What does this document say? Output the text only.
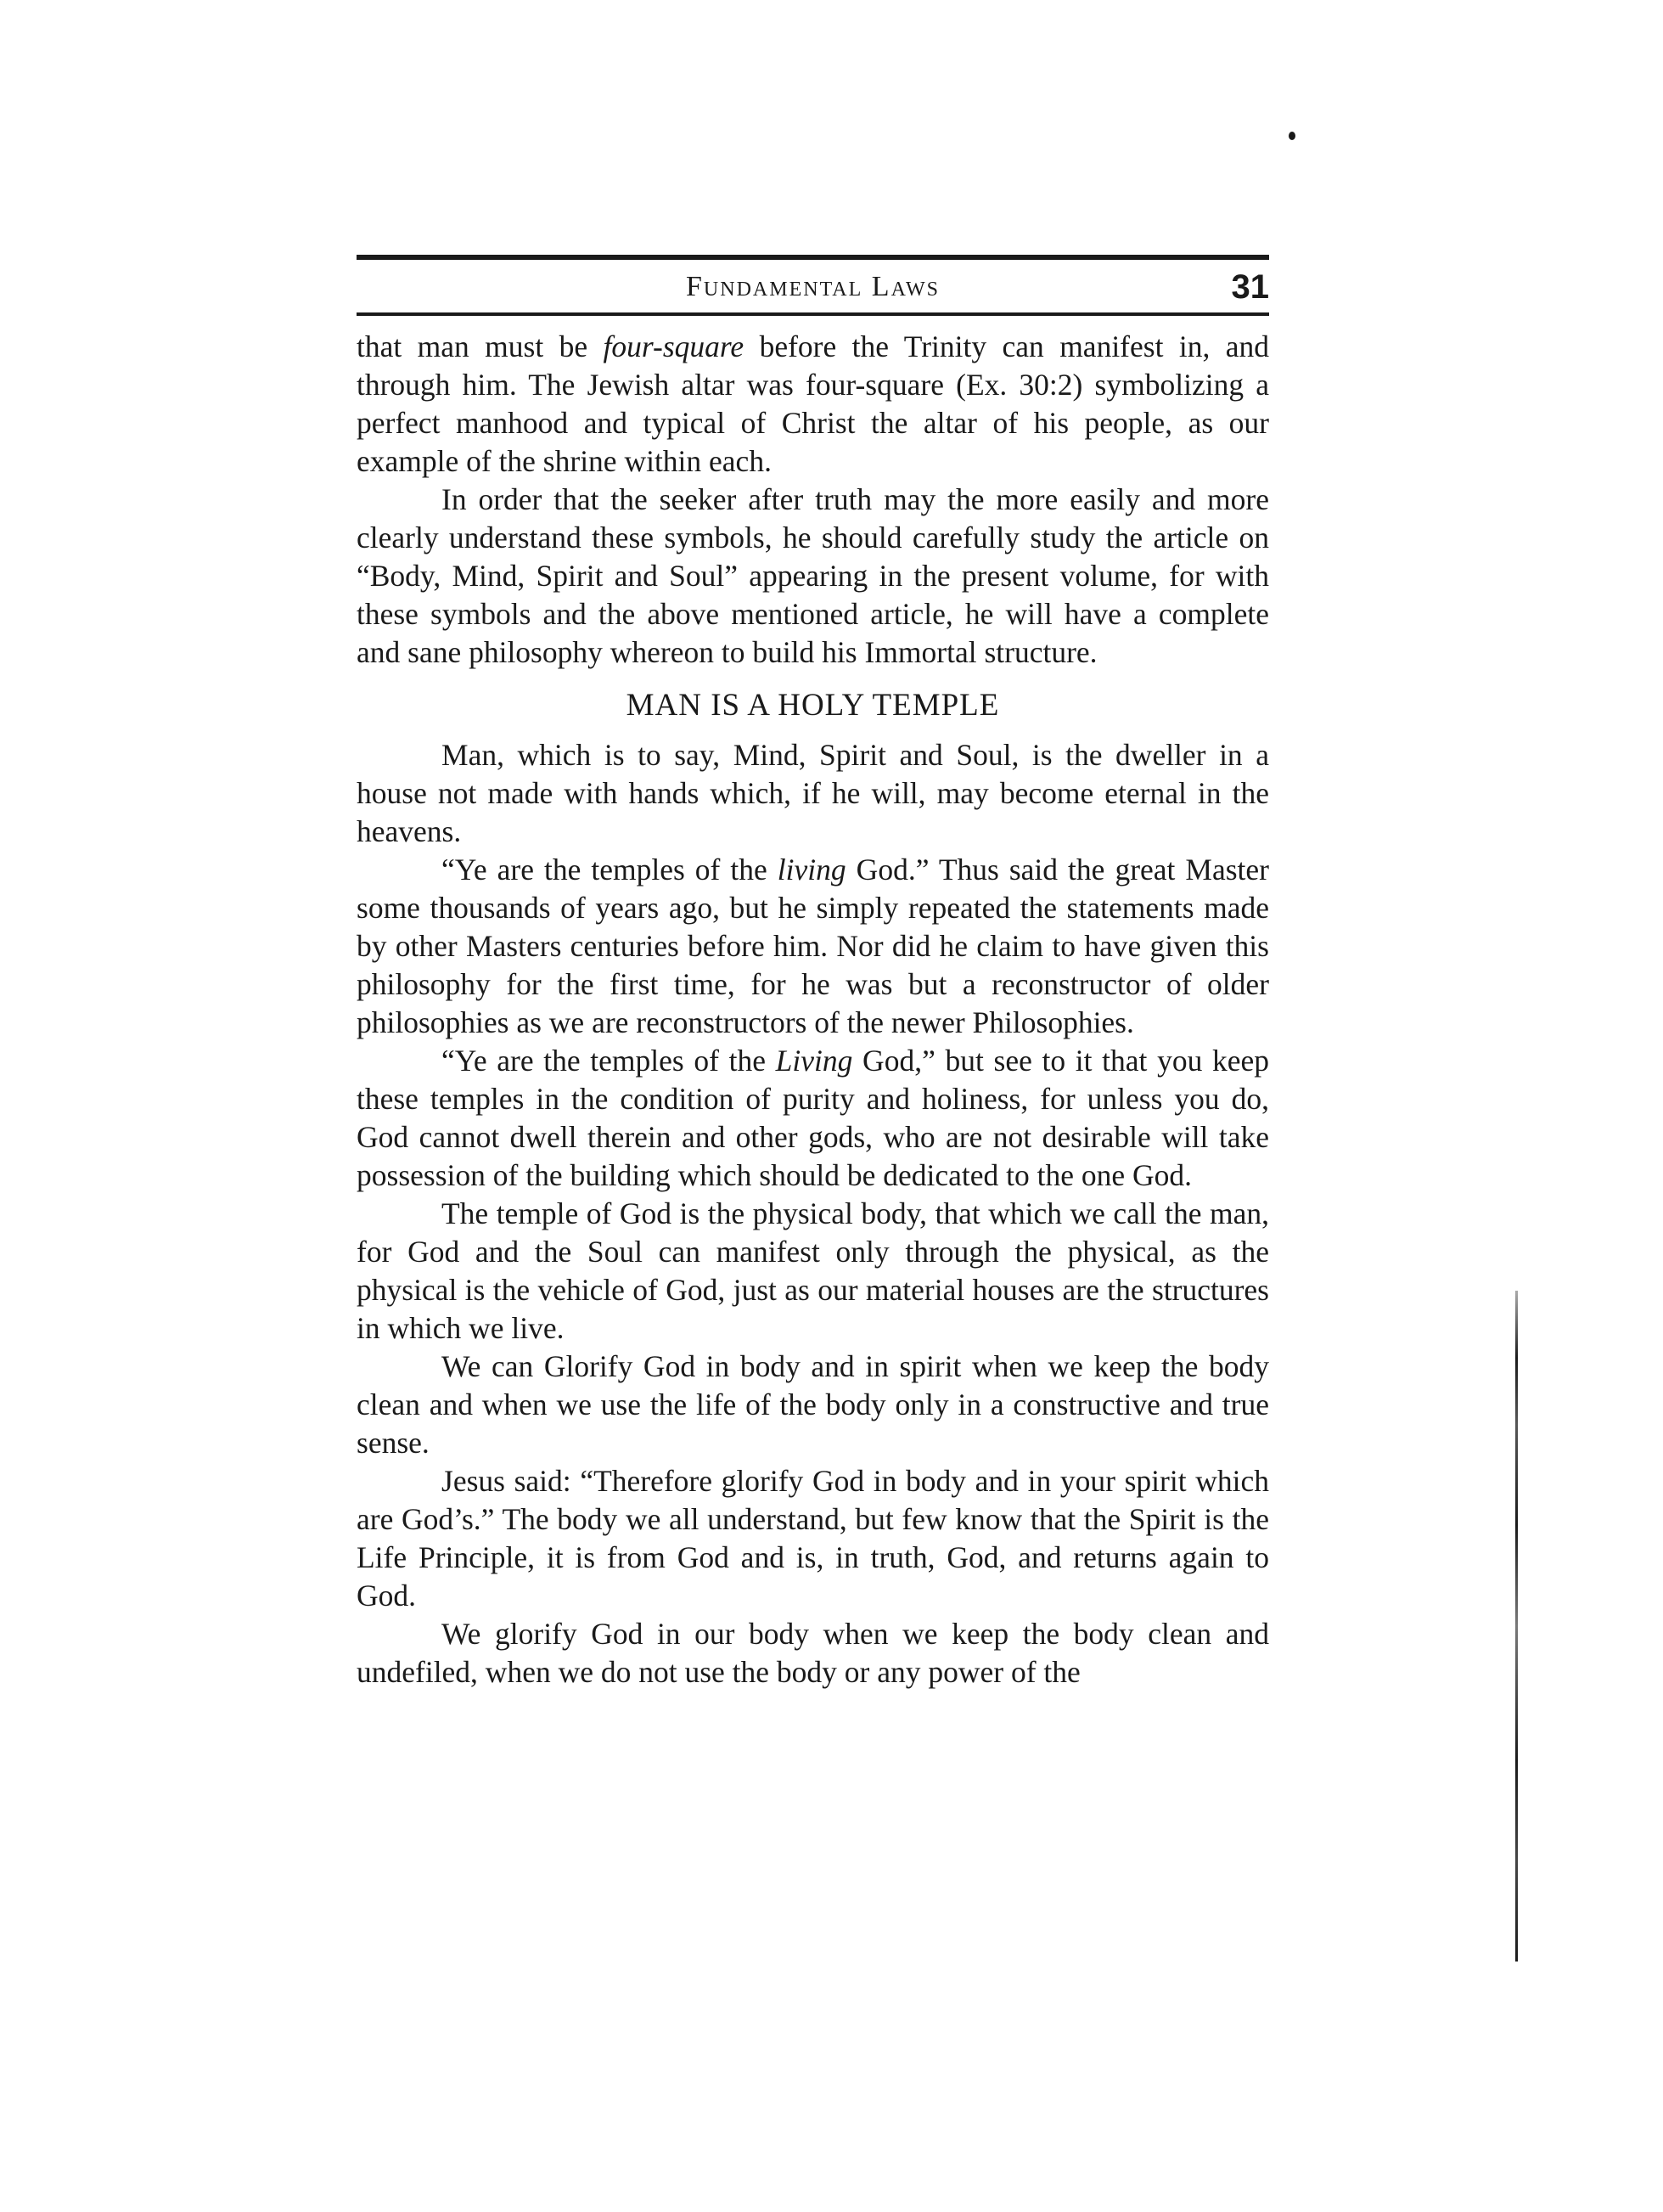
Fundamental Laws	31

that man must be four-square before the Trinity can manifest in, and through him. The Jewish altar was four-square (Ex. 30:2) symbolizing a perfect manhood and typical of Christ the altar of his people, as our example of the shrine within each.

In order that the seeker after truth may the more easily and more clearly understand these symbols, he should carefully study the article on “Body, Mind, Spirit and Soul” appearing in the present volume, for with these symbols and the above mentioned article, he will have a complete and sane philosophy whereon to build his Immortal structure.

MAN IS A HOLY TEMPLE

Man, which is to say, Mind, Spirit and Soul, is the dweller in a house not made with hands which, if he will, may become eternal in the heavens.

“Ye are the temples of the living God.” Thus said the great Master some thousands of years ago, but he simply repeated the statements made by other Masters centuries before him. Nor did he claim to have given this philosophy for the first time, for he was but a reconstructor of older philosophies as we are reconstructors of the newer Philosophies.

“Ye are the temples of the Living God,” but see to it that you keep these temples in the condition of purity and holiness, for unless you do, God cannot dwell therein and other gods, who are not desirable will take possession of the building which should be dedicated to the one God.

The temple of God is the physical body, that which we call the man, for God and the Soul can manifest only through the physical, as the physical is the vehicle of God, just as our material houses are the structures in which we live.

We can Glorify God in body and in spirit when we keep the body clean and when we use the life of the body only in a constructive and true sense.

Jesus said: “Therefore glorify God in body and in your spirit which are God’s.” The body we all understand, but few know that the Spirit is the Life Principle, it is from God and is, in truth, God, and returns again to God.

We glorify God in our body when we keep the body clean and undefiled, when we do not use the body or any power of the
